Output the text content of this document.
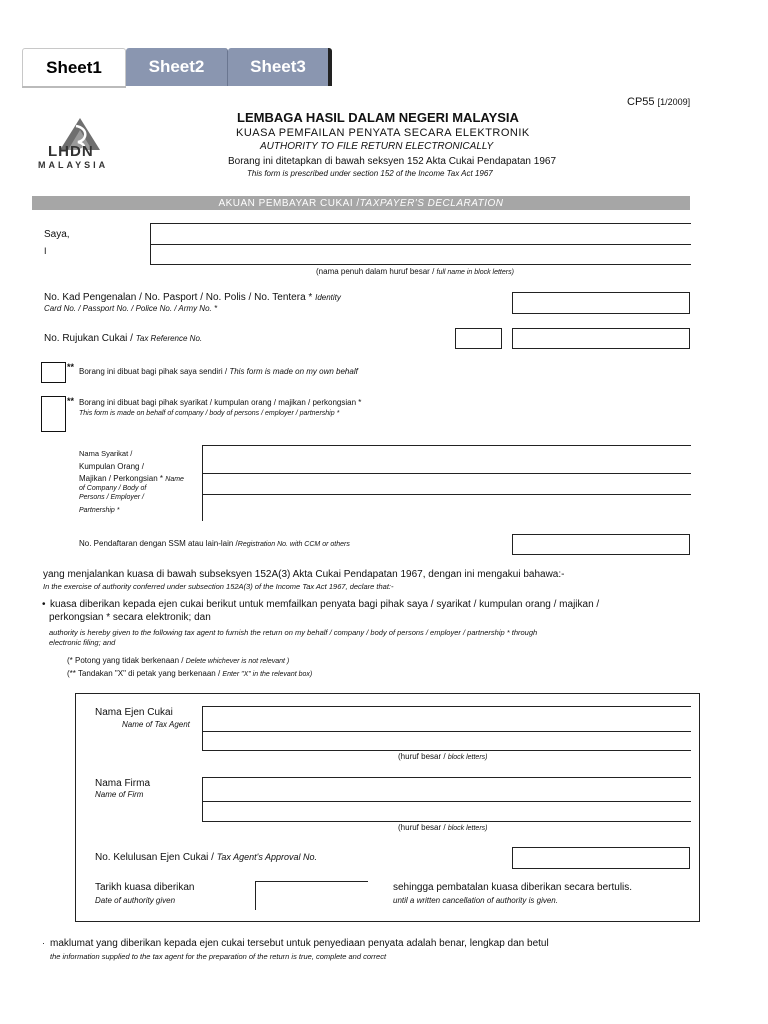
Sheet1	Sheet2	Sheet3
CP55 [1/2009]
LHDN
MALAYSIA
LEMBAGA HASIL DALAM NEGERI MALAYSIA
KUASA PEMFAILAN PENYATA SECARA ELEKTRONIK
AUTHORITY TO FILE RETURN ELECTRONICALLY
Borang ini ditetapkan di bawah seksyen 152 Akta Cukai Pendapatan 1967
This form is prescribed under section 152 of the Income Tax Act 1967
AKUAN PEMBAYAR CUKAI / TAXPAYER'S DECLARATION
Saya,
I
(nama penuh dalam huruf besar / full name in block letters)
No. Kad Pengenalan / No. Pasport / No. Polis / No. Tentera * Identity
Card No. / Passport No. / Police No. / Army No. *
No. Rujukan Cukai / Tax Reference No.
** Borang ini dibuat bagi pihak saya sendiri / This form is made on my own behalf
** Borang ini dibuat bagi pihak syarikat / kumpulan orang / majikan / perkongsian *
This form is made on behalf of company / body of persons / employer / partnership *
Nama Syarikat /
Kumpulan Orang /
Majikan / Perkongsian * Name
of Company / Body of
Persons / Employer /
Partnership *
No. Pendaftaran dengan SSM atau lain-lain /Registration No. with CCM or others
yang menjalankan kuasa di bawah subseksyen 152A(3) Akta Cukai Pendapatan 1967, dengan ini mengakui bahawa:-
In the exercise of authority conferred under subsection 152A(3) of the Income Tax Act 1967, declare that:-
• kuasa diberikan kepada ejen cukai berikut untuk memfailkan penyata bagi pihak saya / syarikat / kumpulan orang / majikan /
perkongsian * secara elektronik; dan
authority is hereby given to the following tax agent to furnish the return on my behalf / company / body of persons / employer / partnership * through
electronic filing; and
(* Potong yang tidak berkenaan / Delete whichever is not relevant )
(** Tandakan "X" di petak yang berkenaan / Enter "X" in the relevant box)
Nama Ejen Cukai
Name of Tax Agent
(huruf besar / block letters)
Nama Firma
Name of Firm
(huruf besar / block letters)
No. Kelulusan Ejen Cukai / Tax Agent's Approval No.
Tarikh kuasa diberikan
Date of authority given
sehingga pembatalan kuasa diberikan secara bertulis.
until a written cancellation of authority is given.
· maklumat yang diberikan kepada ejen cukai tersebut untuk penyediaan penyata adalah benar, lengkap dan betul
the information supplied to the tax agent for the preparation of the return is true, complete and correct
